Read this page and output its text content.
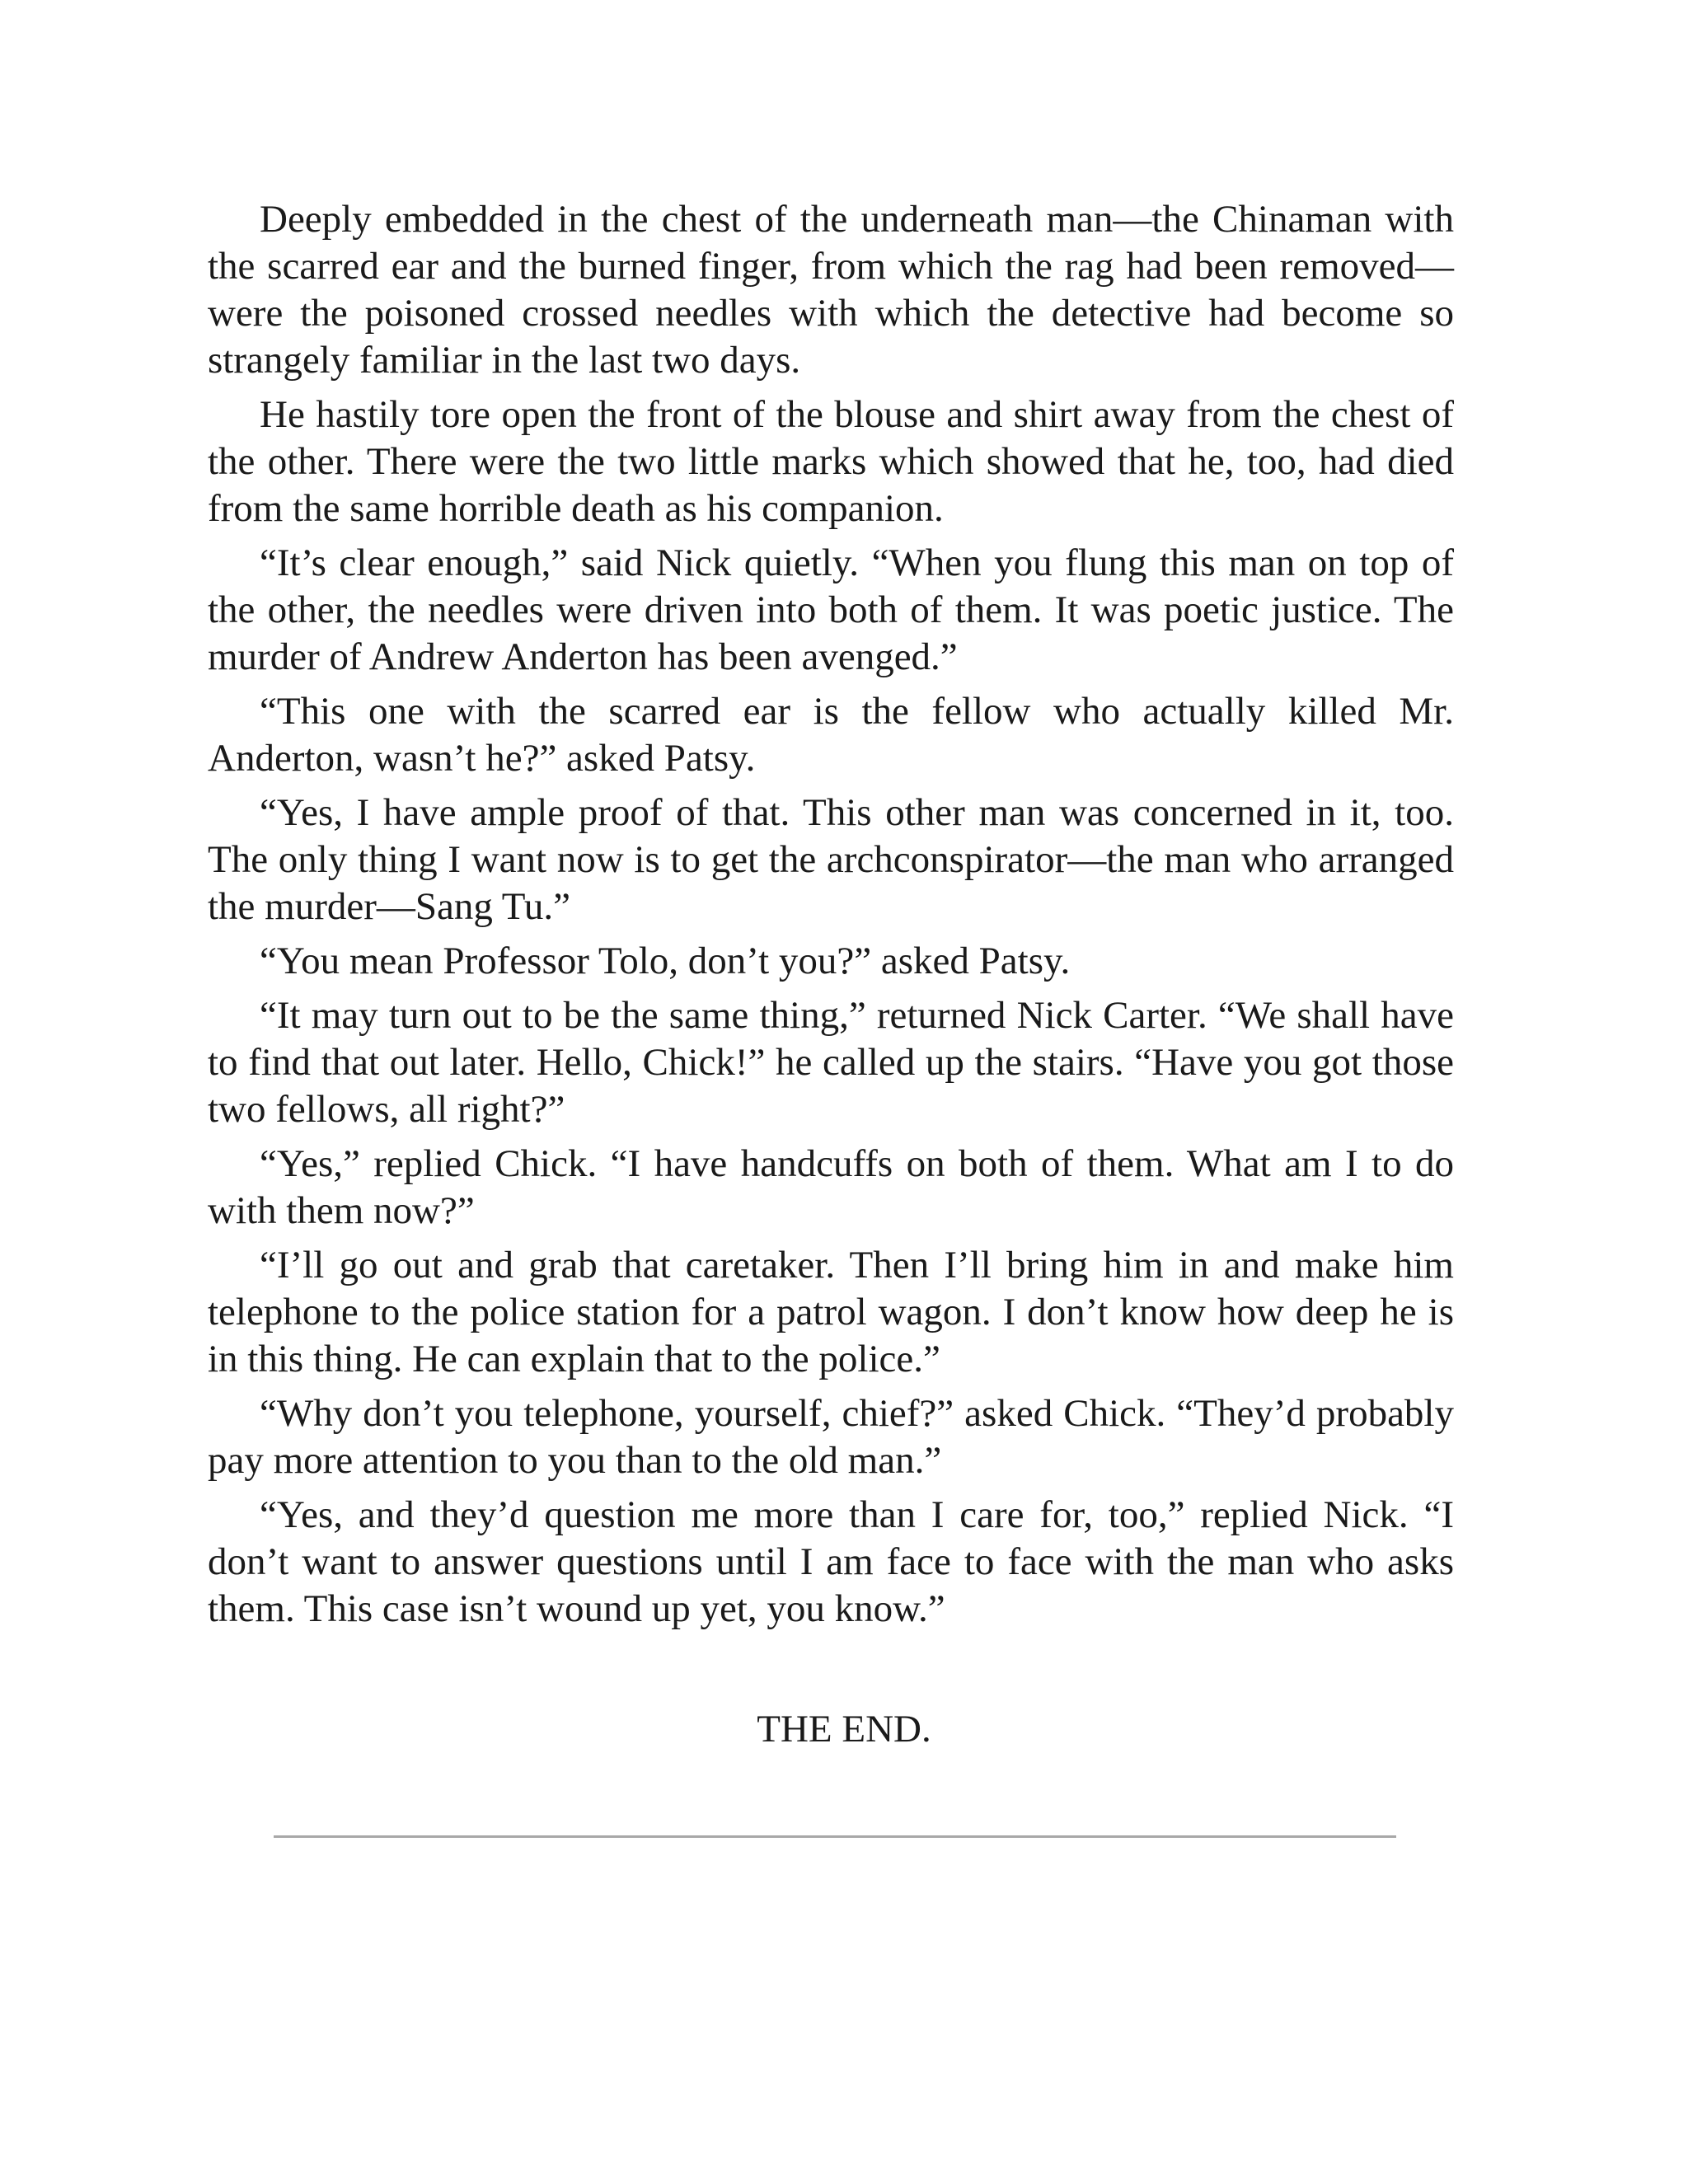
Deeply embedded in the chest of the underneath man—the Chinaman with the scarred ear and the burned finger, from which the rag had been removed—were the poisoned crossed needles with which the detective had become so strangely familiar in the last two days.

He hastily tore open the front of the blouse and shirt away from the chest of the other. There were the two little marks which showed that he, too, had died from the same horrible death as his companion.

“It’s clear enough,” said Nick quietly. “When you flung this man on top of the other, the needles were driven into both of them. It was poetic justice. The murder of Andrew Anderton has been avenged.”

“This one with the scarred ear is the fellow who actually killed Mr. Anderton, wasn’t he?” asked Patsy.

“Yes, I have ample proof of that. This other man was concerned in it, too. The only thing I want now is to get the archconspirator—the man who arranged the murder—Sang Tu.”

“You mean Professor Tolo, don’t you?” asked Patsy.

“It may turn out to be the same thing,” returned Nick Carter. “We shall have to find that out later. Hello, Chick!” he called up the stairs. “Have you got those two fellows, all right?”

“Yes,” replied Chick. “I have handcuffs on both of them. What am I to do with them now?”

“I’ll go out and grab that caretaker. Then I’ll bring him in and make him telephone to the police station for a patrol wagon. I don’t know how deep he is in this thing. He can explain that to the police.”

“Why don’t you telephone, yourself, chief?” asked Chick. “They’d probably pay more attention to you than to the old man.”

“Yes, and they’d question me more than I care for, too,” replied Nick. “I don’t want to answer questions until I am face to face with the man who asks them. This case isn’t wound up yet, you know.”

THE END.
